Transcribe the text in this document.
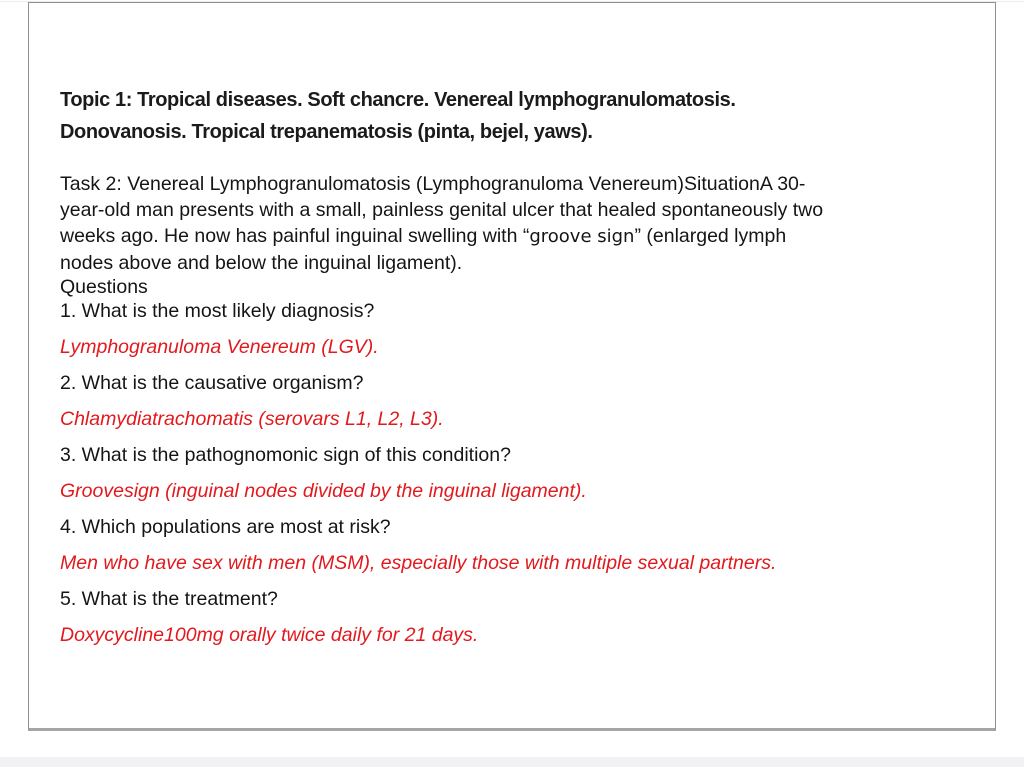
Topic 1: Tropical diseases. Soft chancre. Venereal lymphogranulomatosis.
Donovanosis. Tropical trepanematosis (pinta, bejel, yaws).

Task 2: Venereal Lymphogranulomatosis (Lymphogranuloma Venereum)SituationA 30-
year-old man presents with a small, painless genital ulcer that healed spontaneously two
weeks ago. He now has painful inguinal swelling with “groove sign” (enlarged lymph
nodes above and below the inguinal ligament).

Questions
1. What is the most likely diagnosis?
Lymphogranuloma Venereum (LGV).
2. What is the causative organism?
Chlamydiatrachomatis (serovars L1, L2, L3).
3. What is the pathognomonic sign of this condition?
Groovesign (inguinal nodes divided by the inguinal ligament).
4. Which populations are most at risk?
Men who have sex with men (MSM), especially those with multiple sexual partners.
5. What is the treatment?
Doxycycline100mg orally twice daily for 21 days.
